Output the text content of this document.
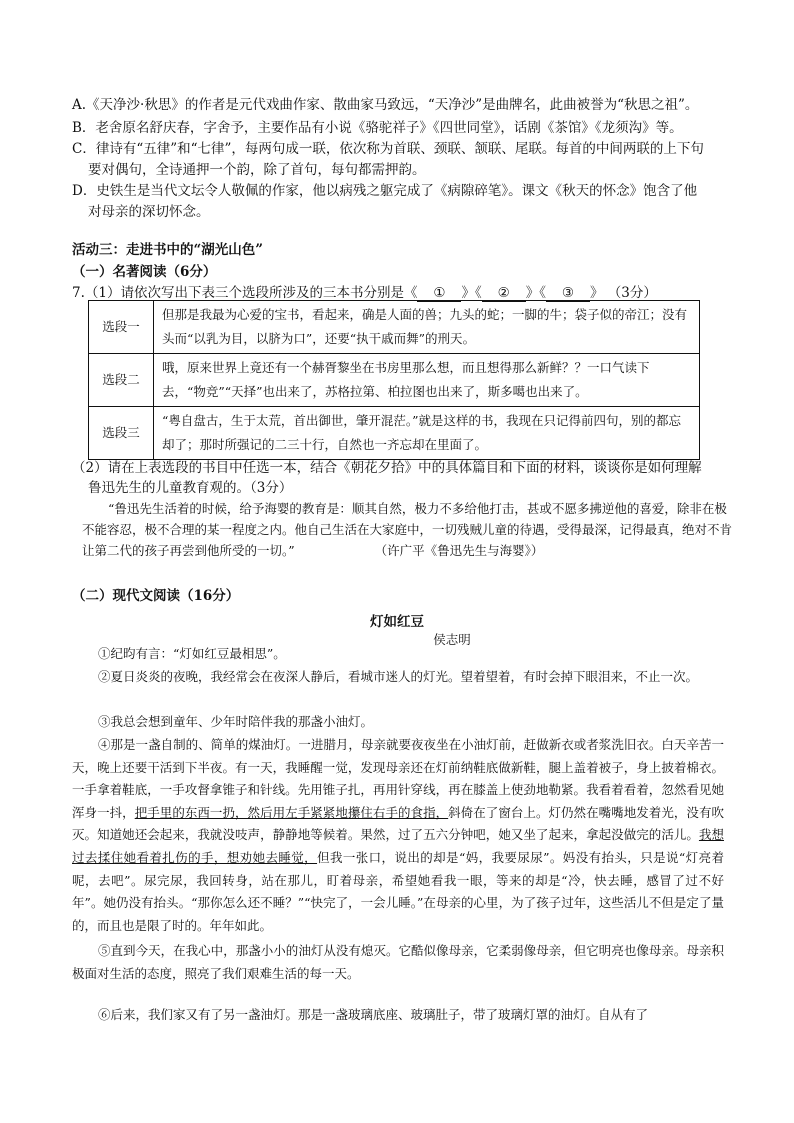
A.《天净沙·秋思》的作者是元代戏曲作家、散曲家马致远，“天净沙”是曲牌名，此曲被誉为“秋思之祖”。
B．老舍原名舒庆春，字舍予，主要作品有小说《骆驼祥子》《四世同堂》，话剧《茶馆》《龙须沟》等。
C．律诗有“五律”和“七律”，每两句成一联，依次称为首联、颈联、颔联、尾联。每首的中间两联的上下句
要对偶句，全诗通押一个韵，除了首句，每句都需押韵。
D．史铁生是当代文坛令人敬佩的作家，他以病残之躯完成了《病隙碎笔》。课文《秋天的怀念》饱含了他
对母亲的深切怀念。
活动三：走进书中的“湖光山色”
（一）名著阅读（6分）
7.（1）请依次写出下表三个选段所涉及的三本书分别是《 ① 》《 ② 》《 ③ 》 （3分）
选段一	但那是我最为心爱的宝书，看起来，确是人面的兽；九头的蛇；一脚的牛；袋子似的帝江；没有头而“以乳为目，以脐为口”，还要“执干戚而舞”的刑天。
选段二	哦，原来世界上竟还有一个赫胥黎坐在书房里那么想，而且想得那么新鲜？？一口气读下去，“物竞”“天择”也出来了，苏格拉第、柏拉图也出来了，斯多噶也出来了。
选段三	“粤自盘古，生于太荒，首出御世，肇开混茫。”就是这样的书，我现在只记得前四句，别的都忘却了；那时所强记的二三十行，自然也一齐忘却在里面了。
（2）请在上表选段的书目中任选一本，结合《朝花夕拾》中的具体篇目和下面的材料，谈谈你是如何理解
鲁迅先生的儿童教育观的。（3分）
“鲁迅先生活着的时候，给予海婴的教育是：顺其自然，极力不多给他打击，甚或不愿多拂逆他的喜爱，除非在极不能容忍，极不合理的某一程度之内。他自己生活在大家庭中，一切残贼儿童的待遇，受得最深，记得最真，绝对不肯让第二代的孩子再尝到他所受的一切。”	（许广平《鲁迅先生与海婴》）
（二）现代文阅读（16分）
灯如红豆
侯志明
①纪昀有言：“灯如红豆最相思”。
②夏日炎炎的夜晚，我经常会在夜深人静后，看城市迷人的灯光。望着望着，有时会掉下眼泪来，不止一次。
③我总会想到童年、少年时陪伴我的那盏小油灯。
④那是一盏自制的、简单的煤油灯。一进腊月，母亲就要夜夜坐在小油灯前，赶做新衣或者浆洗旧衣。白天辛苦一天，晚上还要干活到下半夜。有一天，我睡醒一觉，发现母亲还在灯前纳鞋底做新鞋，腿上盖着被子，身上披着棉衣。一手拿着鞋底，一手攻督拿锥子和针线。先用锥子扎，再用针穿线，再在膝盖上使劲地勒紧。我看着看着，忽然看见她浑身一抖，把手里的东西一扔，然后用左手紧紧地攥住右手的食指，斜倚在了窗台上。灯仍然在嘴嘴地发着光，没有吹灭。知道她还会起来，我就没吱声，静静地等候着。果然，过了五六分钟吧，她又坐了起来，拿起没做完的活儿。我想过去揉住她看着扎伤的手，想劝她去睡觉，但我一张口，说出的却是“妈，我要尿尿”。妈没有抬头，只是说“灯亮着呢，去吧”。尿完尿，我回转身，站在那儿，盯着母亲，希望她看我一眼，等来的却是“冷，快去睡，感冒了过不好年”。她仍没有抬头。“那你怎么还不睡？”“快完了，一会儿睡。”在母亲的心里，为了孩子过年，这些活儿不但是定了量的，而且也是限了时的。年年如此。
⑤直到今天，在我心中，那盏小小的油灯从没有熄灭。它酷似像母亲，它柔弱像母亲，但它明亮也像母亲。母亲积极面对生活的态度，照亮了我们艰难生活的每一天。
⑥后来，我们家又有了另一盏油灯。那是一盏玻璃底座、玻璃肚子，带了玻璃灯罩的油灯。自从有了
